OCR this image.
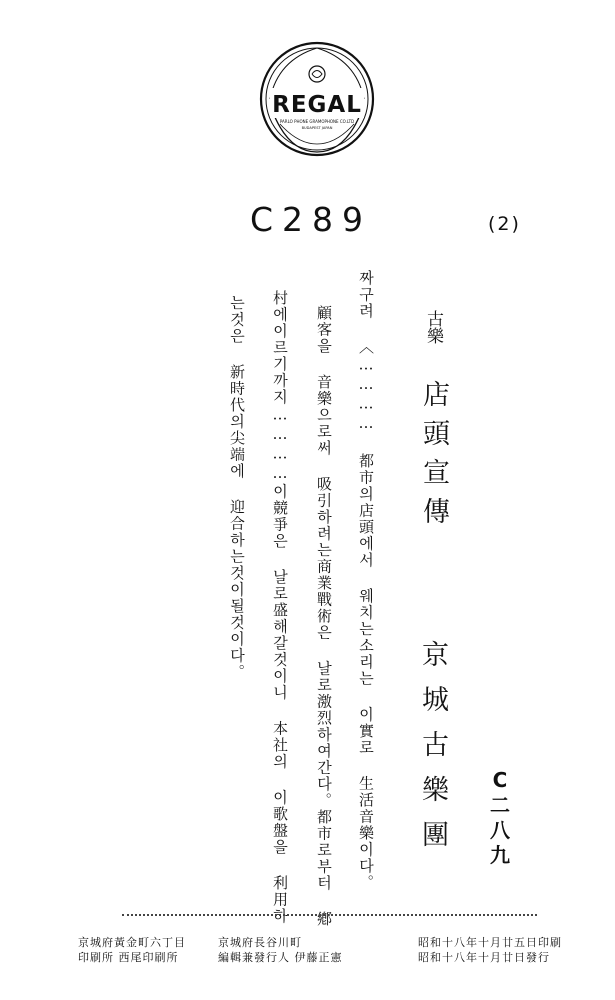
REGAL
PARLO PHONE GRAMOPHONE CO.LTD
BUDAPEST JAPAN
C289	(2)
古樂
店頭宣傳
京城古樂團
짜구려 〈………… 都市의店頭에서 웨치는소리는 이實로 生活音樂이다。
顧客을 音樂으로써 吸引하려는商業戰術은 날로激烈하여간다。都市로부터 鄕
村에이르기까지…………이競爭은 날로盛해갈것이니 本社의 이歌盤을 利用하
는것은 新時代의尖端에 迎合하는것이될것이다。
C
二
八
九
昭和十八年十月廿五日印刷
昭和十八年十月廿日發行
京城府長谷川町
編輯兼發行人 伊藤正憲
京城府黃金町六丁目
印刷所 西尾印刷所
